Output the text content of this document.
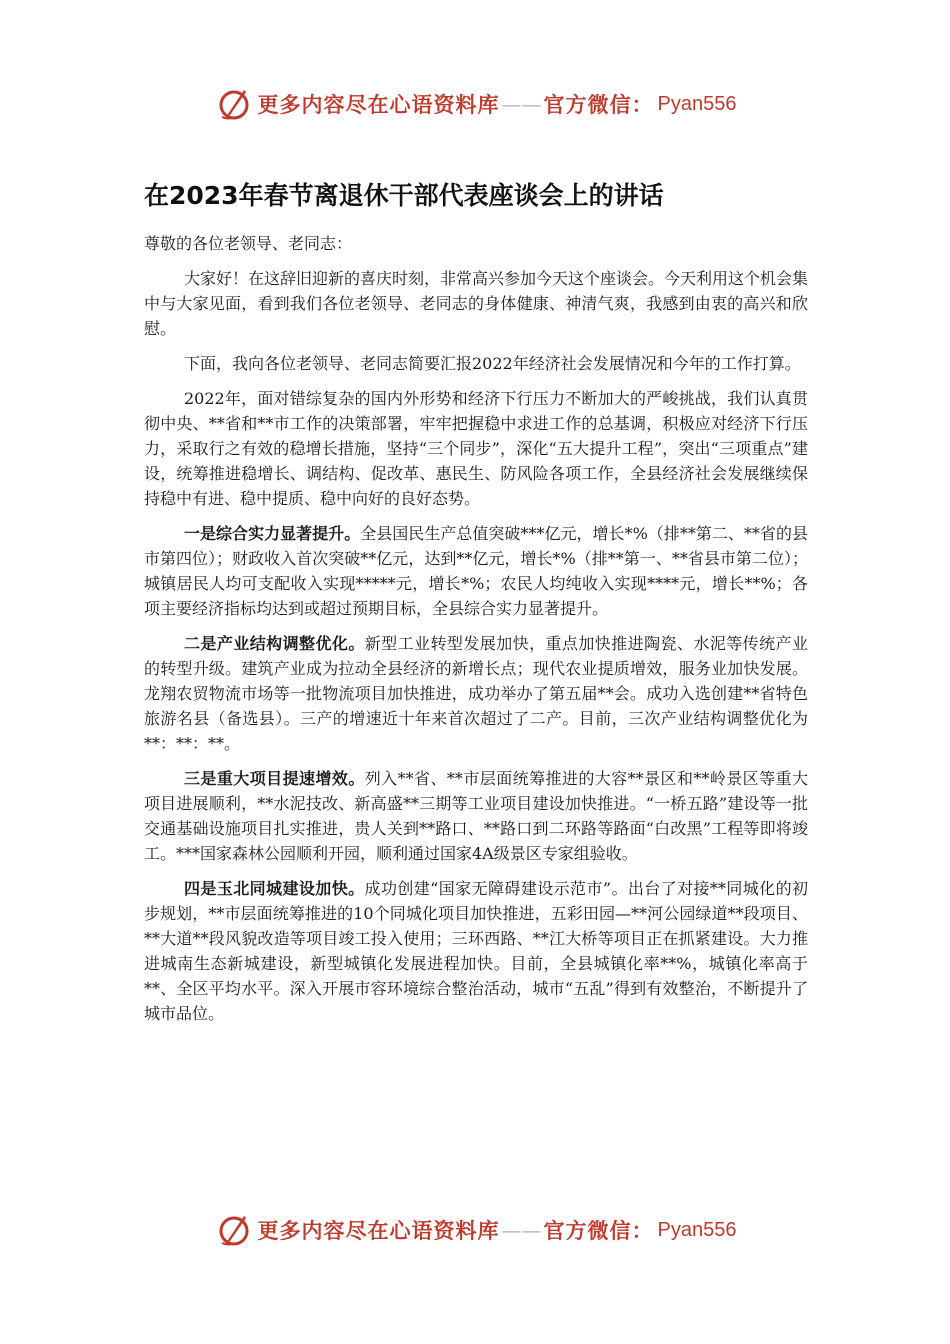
更多内容尽在心语资料库 —— 官方微信： Pyan556
在2023年春节离退休干部代表座谈会上的讲话
尊敬的各位老领导、老同志：

大家好！在这辞旧迎新的喜庆时刻，非常高兴参加今天这个座谈会。今天利用这个机会集中与大家见面，看到我们各位老领导、老同志的身体健康、神清气爽，我感到由衷的高兴和欣慰。

下面，我向各位老领导、老同志简要汇报2022年经济社会发展情况和今年的工作打算。

2022年，面对错综复杂的国内外形势和经济下行压力不断加大的严峻挑战，我们认真贯彻中央、**省和**市工作的决策部署，牢牢把握稳中求进工作的总基调，积极应对经济下行压力，采取行之有效的稳增长措施，坚持“三个同步”，深化“五大提升工程”，突出“三项重点”建设，统筹推进稳增长、调结构、促改革、惠民生、防风险各项工作，全县经济社会发展继续保持稳中有进、稳中提质、稳中向好的良好态势。

一是综合实力显著提升。全县国民生产总值突破***亿元，增长*%（排**第二、**省的县市第四位）；财政收入首次突破**亿元，达到**亿元，增长*%（排**第一、**省县市第二位）；城镇居民人均可支配收入实现*****元，增长*%；农民人均纯收入实现****元，增长**%；各项主要经济指标均达到或超过预期目标，全县综合实力显著提升。

二是产业结构调整优化。新型工业转型发展加快，重点加快推进陶瓷、水泥等传统产业的转型升级。建筑产业成为拉动全县经济的新增长点；现代农业提质增效，服务业加快发展。龙翔农贸物流市场等一批物流项目加快推进，成功举办了第五届**会。成功入选创建**省特色旅游名县（备选县）。三产的增速近十年来首次超过了二产。目前，三次产业结构调整优化为**：**：**。

三是重大项目提速增效。列入**省、**市层面统筹推进的大容**景区和**岭景区等重大项目进展顺利，**水泥技改、新高盛**三期等工业项目建设加快推进。“一桥五路”建设等一批交通基础设施项目扎实推进，贵人关到**路口、**路口到二环路等路面“白改黑”工程等即将竣工。***国家森林公园顺利开园，顺利通过国家4A级景区专家组验收。

四是玉北同城建设加快。成功创建“国家无障碍建设示范市”。出台了对接**同城化的初步规划，**市层面统筹推进的10个同城化项目加快推进，五彩田园—**河公园绿道**段项目、**大道**段风貌改造等项目竣工投入使用；三环西路、**江大桥等项目正在抓紧建设。大力推进城南生态新城建设，新型城镇化发展进程加快。目前，全县城镇化率**%，城镇化率高于**、全区平均水平。深入开展市容环境综合整治活动，城市“五乱”得到有效整治，不断提升了城市品位。

更多内容尽在心语资料库 —— 官方微信： Pyan556
